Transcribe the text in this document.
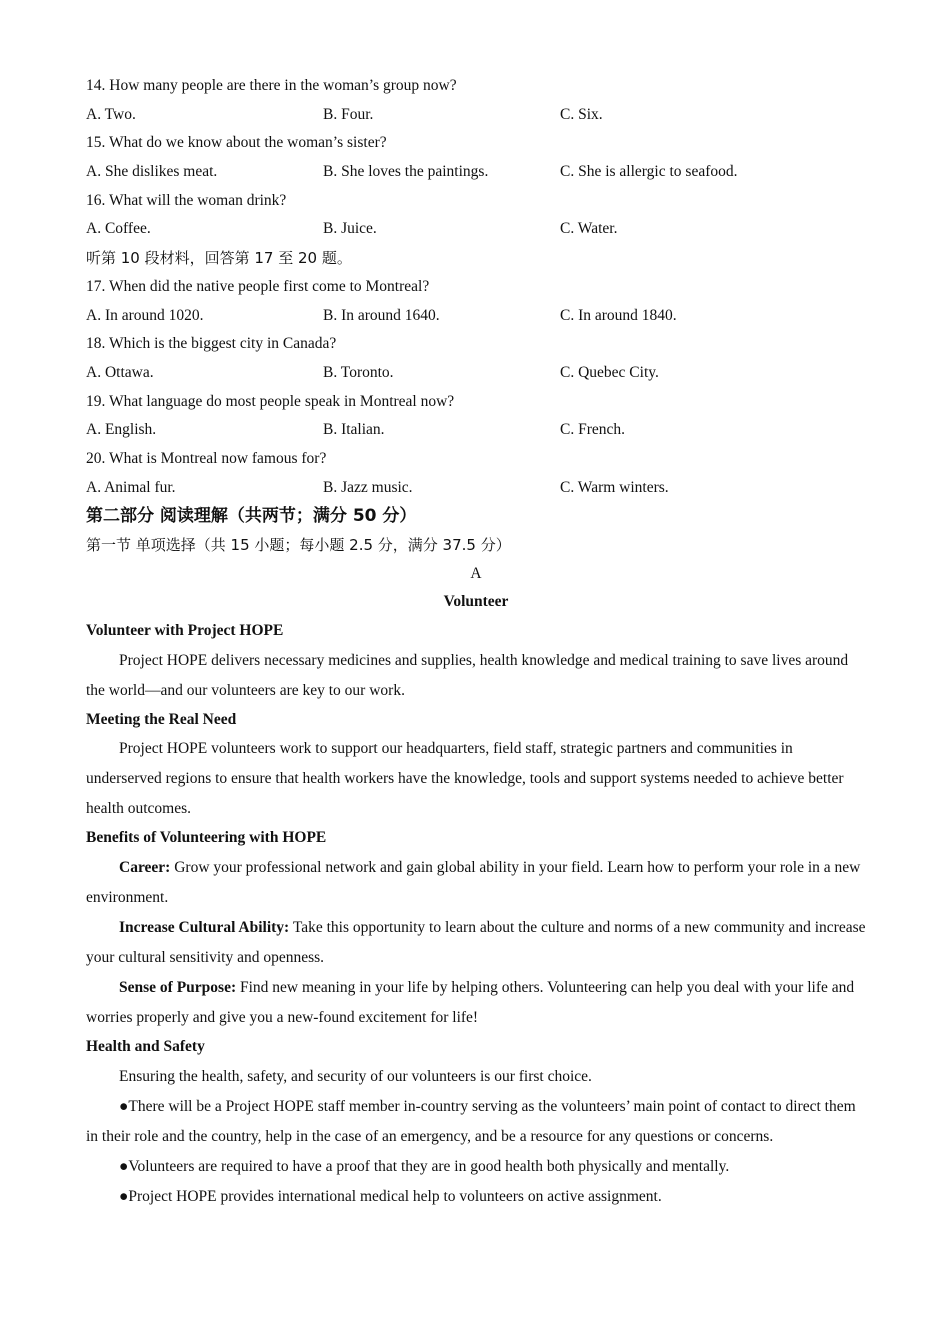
14. How many people are there in the woman’s group now?
A. Two.	B. Four.	C. Six.
15. What do we know about the woman’s sister?
A. She dislikes meat.	B. She loves the paintings.	C. She is allergic to seafood.
16. What will the woman drink?
A. Coffee.	B. Juice.	C. Water.
听第 10 段材料，回答第 17 至 20 题。
17. When did the native people first come to Montreal?
A. In around 1020.	B. In around 1640.	C. In around 1840.
18. Which is the biggest city in Canada?
A. Ottawa.	B. Toronto.	C. Quebec City.
19. What language do most people speak in Montreal now?
A. English.	B. Italian.	C. French.
20. What is Montreal now famous for?
A. Animal fur.	B. Jazz music.	C. Warm winters.
第二部分 阅读理解（共两节；满分 50 分）
第一节 单项选择（共 15 小题；每小题 2.5 分，满分 37.5 分）
A
Volunteer
Volunteer with Project HOPE

Project HOPE delivers necessary medicines and supplies, health knowledge and medical training to save lives around the world—and our volunteers are key to our work.

Meeting the Real Need

Project HOPE volunteers work to support our headquarters, field staff, strategic partners and communities in underserved regions to ensure that health workers have the knowledge, tools and support systems needed to achieve better health outcomes.

Benefits of Volunteering with HOPE

Career: Grow your professional network and gain global ability in your field. Learn how to perform your role in a new environment.

Increase Cultural Ability: Take this opportunity to learn about the culture and norms of a new community and increase your cultural sensitivity and openness.

Sense of Purpose: Find new meaning in your life by helping others. Volunteering can help you deal with your life and worries properly and give you a new-found excitement for life!

Health and Safety

Ensuring the health, safety, and security of our volunteers is our first choice.

●There will be a Project HOPE staff member in-country serving as the volunteers’ main point of contact to direct them in their role and the country, help in the case of an emergency, and be a resource for any questions or concerns.

●Volunteers are required to have a proof that they are in good health both physically and mentally.

●Project HOPE provides international medical help to volunteers on active assignment.
